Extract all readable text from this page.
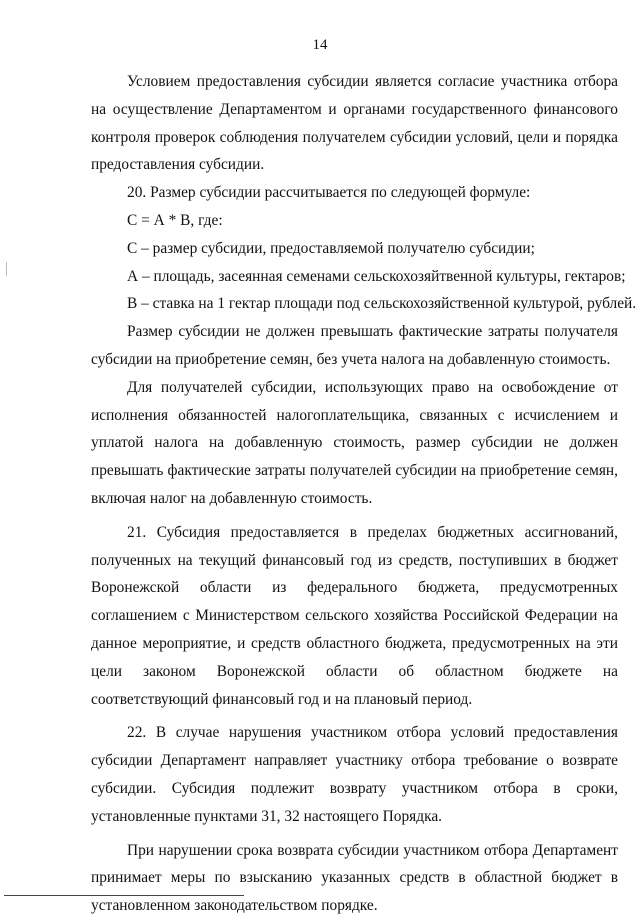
14

Условием предоставления субсидии является согласие участника отбора на осуществление Департаментом и органами государственного финансового контроля проверок соблюдения получателем субсидии условий, цели и порядка предоставления субсидии.

20. Размер субсидии рассчитывается по следующей формуле:

С = А * В, где:

С – размер субсидии, предоставляемой получателю субсидии;

А – площадь, засеянная семенами сельскохозяйтвенной культуры, гектаров;

В – ставка на 1 гектар площади под сельскохозяйственной культурой, рублей.

Размер субсидии не должен превышать фактические затраты получателя субсидии на приобретение семян, без учета налога на добавленную стоимость.

Для получателей субсидии, использующих право на освобождение от исполнения обязанностей налогоплательщика, связанных с исчислением и уплатой налога на добавленную стоимость, размер субсидии не должен превышать фактические затраты получателей субсидии на приобретение семян, включая налог на добавленную стоимость.

21. Субсидия предоставляется в пределах бюджетных ассигнований, полученных на текущий финансовый год из средств, поступивших в бюджет Воронежской области из федерального бюджета, предусмотренных соглашением с Министерством сельского хозяйства Российской Федерации на данное мероприятие, и средств областного бюджета, предусмотренных на эти цели законом Воронежской области об областном бюджете на соответствующий финансовый год и на плановый период.

22. В случае нарушения участником отбора условий предоставления субсидии Департамент направляет участнику отбора требование о возврате субсидии. Субсидия подлежит возврату участником отбора в сроки, установленные пунктами 31, 32 настоящего Порядка.

При нарушении срока возврата субсидии участником отбора Департамент принимает меры по взысканию указанных средств в областной бюджет в установленном законодательством порядке.
